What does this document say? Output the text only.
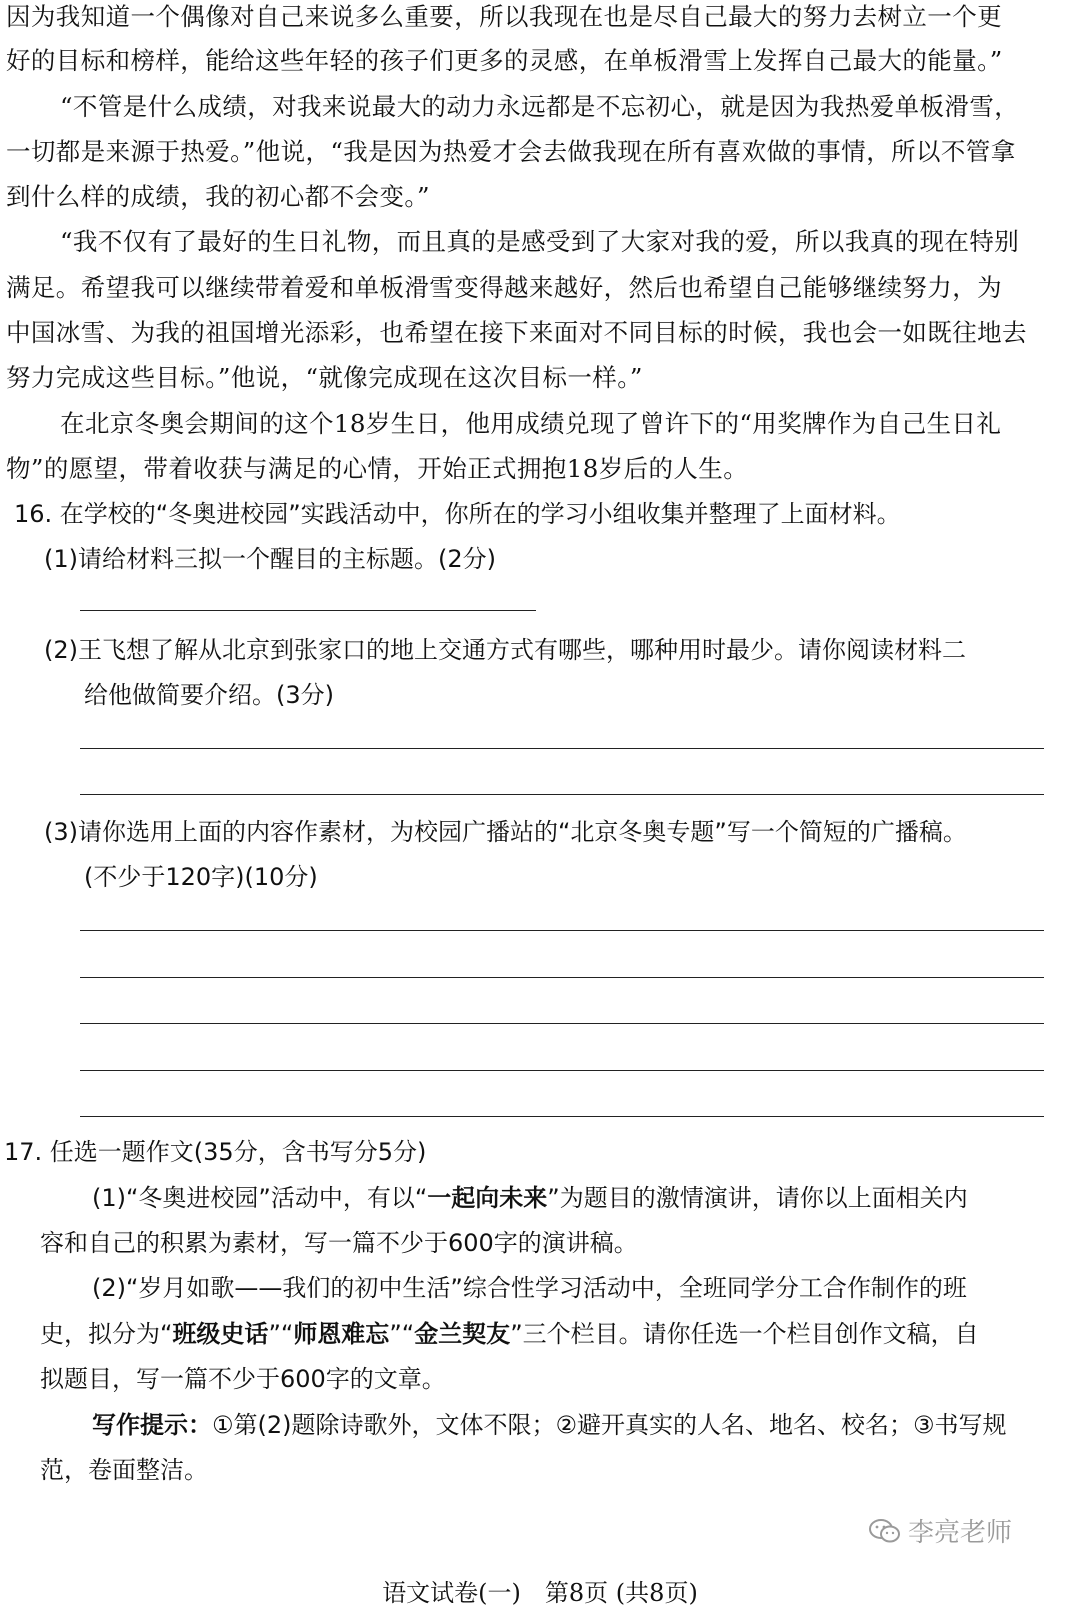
因为我知道一个偶像对自己来说多么重要，所以我现在也是尽自己最大的努力去树立一个更
好的目标和榜样，能给这些年轻的孩子们更多的灵感，在单板滑雪上发挥自己最大的能量。”
“不管是什么成绩，对我来说最大的动力永远都是不忘初心，就是因为我热爱单板滑雪，
一切都是来源于热爱。”他说，“我是因为热爱才会去做我现在所有喜欢做的事情，所以不管拿
到什么样的成绩，我的初心都不会变。”
“我不仅有了最好的生日礼物，而且真的是感受到了大家对我的爱，所以我真的现在特别
满足。希望我可以继续带着爱和单板滑雪变得越来越好，然后也希望自己能够继续努力，为
中国冰雪、为我的祖国增光添彩，也希望在接下来面对不同目标的时候，我也会一如既往地去
努力完成这些目标。”他说，“就像完成现在这次目标一样。”
在北京冬奥会期间的这个18岁生日，他用成绩兑现了曾许下的“用奖牌作为自己生日礼
物”的愿望，带着收获与满足的心情，开始正式拥抱18岁后的人生。
16. 在学校的“冬奥进校园”实践活动中，你所在的学习小组收集并整理了上面材料。
(1)请给材料三拟一个醒目的主标题。(2分)
(2)王飞想了解从北京到张家口的地上交通方式有哪些，哪种用时最少。请你阅读材料二
给他做简要介绍。(3分)
(3)请你选用上面的内容作素材，为校园广播站的“北京冬奥专题”写一个简短的广播稿。
(不少于120字)(10分)
17. 任选一题作文(35分，含书写分5分)
(1)“冬奥进校园”活动中，有以“一起向未来”为题目的激情演讲，请你以上面相关内
容和自己的积累为素材，写一篇不少于600字的演讲稿。
(2)“岁月如歌——我们的初中生活”综合性学习活动中，全班同学分工合作制作的班
史，拟分为“班级史话”“师恩难忘”“金兰契友”三个栏目。请你任选一个栏目创作文稿，自
拟题目，写一篇不少于600字的文章。
写作提示：①第(2)题除诗歌外，文体不限；②避开真实的人名、地名、校名；③书写规
范，卷面整洁。
李亮老师
语文试卷(一)　第8页 (共8页)
